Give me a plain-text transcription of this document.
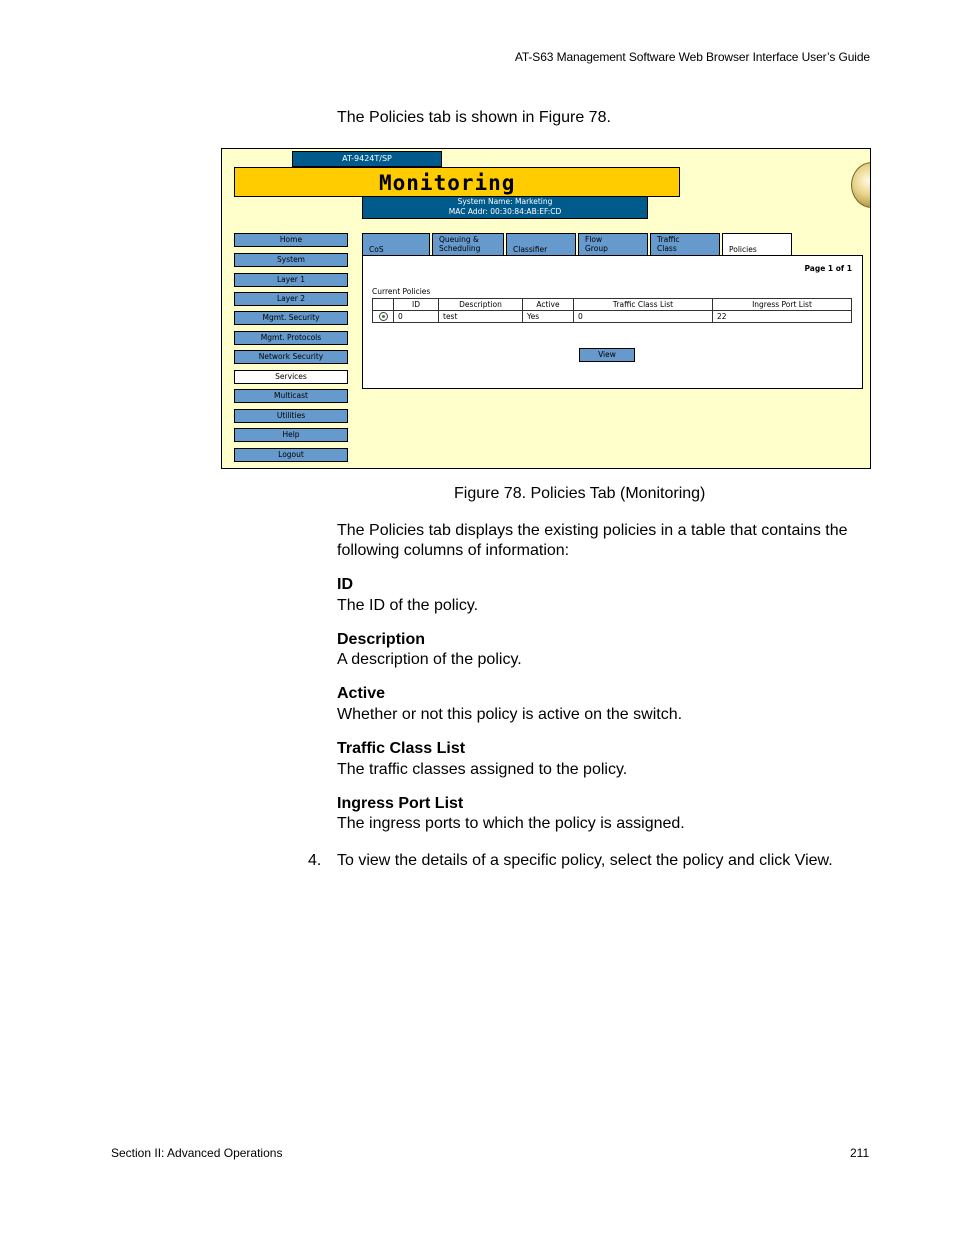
AT-S63 Management Software Web Browser Interface User’s Guide
The Policies tab is shown in Figure 78.
AT-9424T/SP
Monitoring
System Name: Marketing
MAC Addr: 00:30:84:AB:EF:CD
Home
System
Layer 1
Layer 2
Mgmt. Security
Mgmt. Protocols
Network Security
Services
Multicast
Utilities
Help
Logout
CoS
Queuing &
Scheduling	Classifier
Flow
Group
Traffic
Class	Policies
Page 1 of 1
Current Policies
	ID	Description	Active	Traffic Class List	Ingress Port List
	0	test	Yes	0	22
View
Figure 78. Policies Tab (Monitoring)
The Policies tab displays the existing policies in a table that contains the following columns of information:
ID
The ID of the policy.
Description
A description of the policy.
Active
Whether or not this policy is active on the switch.
Traffic Class List
The traffic classes assigned to the policy.
Ingress Port List
The ingress ports to which the policy is assigned.
4. To view the details of a specific policy, select the policy and click View.
Section II: Advanced Operations	211
